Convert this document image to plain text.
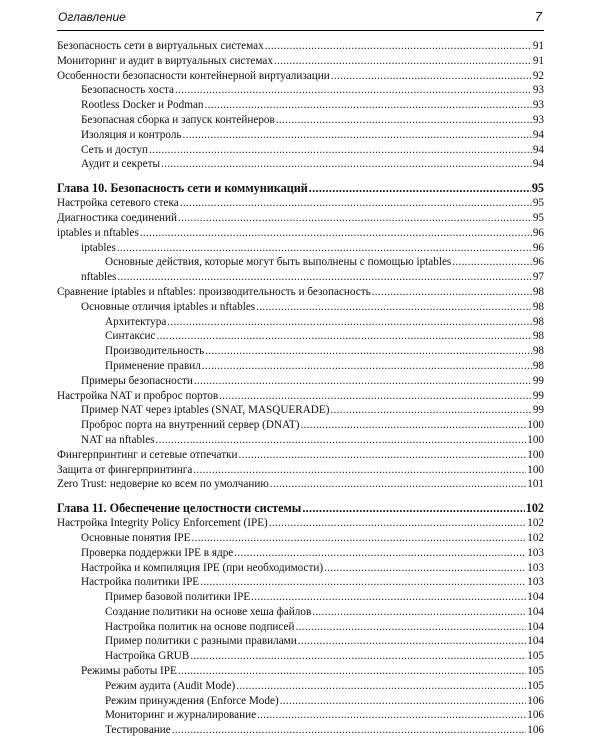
Оглавление	7
Безопасность сети в виртуальных системах .....	91
Мониторинг и аудит в виртуальных системах .....	91
Особенности безопасности контейнерной виртуализации .....	92
Безопасность хоста .....	93
Rootless Docker и Podman .....	93
Безопасная сборка и запуск контейнеров .....	93
Изоляция и контроль .....	94
Сеть и доступ .....	94
Аудит и секреты .....	94
Глава 10. Безопасность сети и коммуникаций .....	95
Настройка сетевого стека .....	95
Диагностика соединений .....	95
iptables и nftables .....	96
iptables .....	96
Основные действия, которые могут быть выполнены с помощью iptables .....	96
nftables .....	97
Сравнение iptables и nftables: производительность и безопасность .....	98
Основные отличия iptables и nftables .....	98
Архитектура .....	98
Синтаксис .....	98
Производительность .....	98
Применение правил .....	98
Примеры безопасности .....	99
Настройка NAT и проброс портов .....	99
Пример NAT через iptables (SNAT, MASQUERADE) .....	99
Проброс порта на внутренний сервер (DNAT) .....	100
NAT на nftables .....	100
Фингерпринтинг и сетевые отпечатки .....	100
Защита от фингерпринтинга .....	100
Zero Trust: недоверие ко всем по умолчанию .....	101
Глава 11. Обеспечение целостности системы .....	102
Настройка Integrity Policy Enforcement (IPE) .....	102
Основные понятия IPE .....	102
Проверка поддержки IPE в ядре .....	103
Настройка и компиляция IPE (при необходимости) .....	103
Настройка политики IPE .....	103
Пример базовой политики IPE .....	104
Создание политики на основе хеша файлов .....	104
Настройка политик на основе подписей .....	104
Пример политики с разными правилами .....	104
Настройка GRUB .....	105
Режимы работы IPE .....	105
Режим аудита (Audit Mode) .....	105
Режим принуждения (Enforce Mode) .....	106
Мониторинг и журналирование .....	106
Тестирование .....	106
